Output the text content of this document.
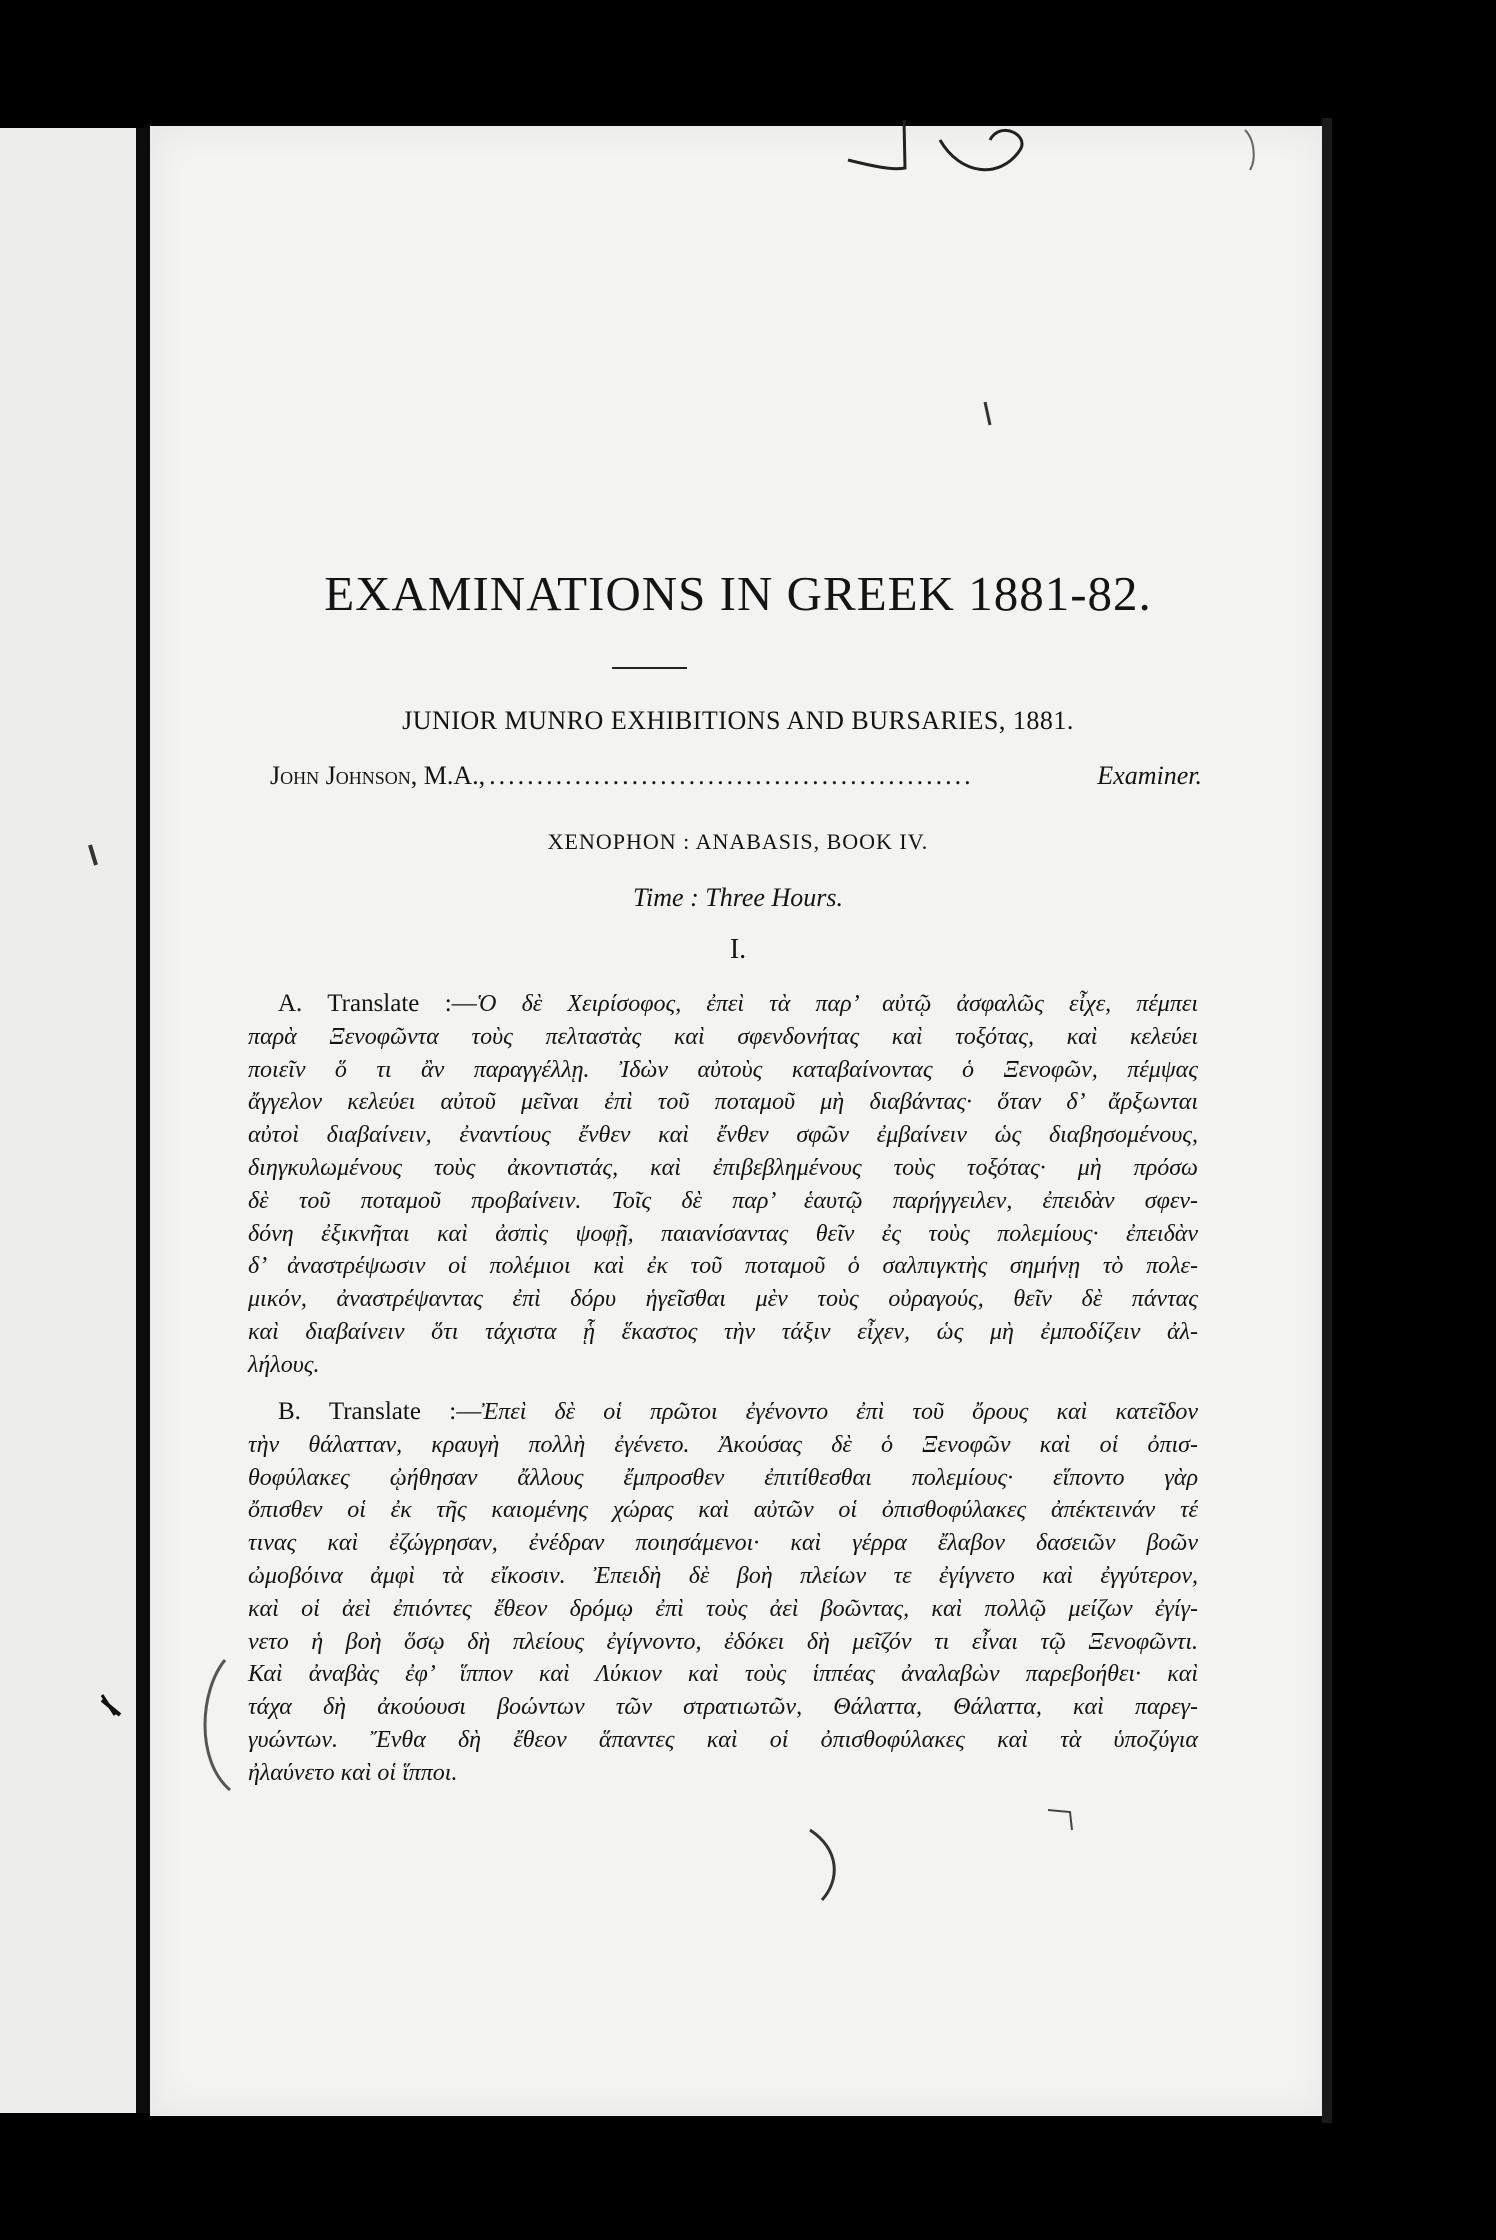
EXAMINATIONS IN GREEK 1881-82.
JUNIOR MUNRO EXHIBITIONS AND BURSARIES, 1881.
John Johnson, M.A., ...................................................	Examiner.
XENOPHON : ANABASIS, BOOK IV.
Time : Three Hours.
I.
A. Translate :—Ὁ δὲ Χειρίσοφος, ἐπεὶ τὰ παρ’ αὐτῷ ἀσφαλῶς εἶχε, πέμπει
παρὰ Ξενοφῶντα τοὺς πελταστὰς καὶ σφενδονήτας καὶ τοξότας, καὶ κελεύει
ποιεῖν ὅ τι ἂν παραγγέλλῃ. Ἰδὼν αὐτοὺς καταβαίνοντας ὁ Ξενοφῶν, πέμψας
ἄγγελον κελεύει αὐτοῦ μεῖναι ἐπὶ τοῦ ποταμοῦ μὴ διαβάντας· ὅταν δ’ ἄρξωνται
αὐτοὶ διαβαίνειν, ἐναντίους ἔνθεν καὶ ἔνθεν σφῶν ἐμβαίνειν ὡς διαβησομένους,
διηγκυλωμένους τοὺς ἀκοντιστάς, καὶ ἐπιβεβλημένους τοὺς τοξότας· μὴ πρόσω
δὲ τοῦ ποταμοῦ προβαίνειν. Τοῖς δὲ παρ’ ἑαυτῷ παρήγγειλεν, ἐπειδὰν σφεν-
δόνη ἐξικνῆται καὶ ἀσπὶς ψοφῇ, παιανίσαντας θεῖν ἐς τοὺς πολεμίους· ἐπειδὰν
δ’ ἀναστρέψωσιν οἱ πολέμιοι καὶ ἐκ τοῦ ποταμοῦ ὁ σαλπιγκτὴς σημήνῃ τὸ πολε-
μικόν, ἀναστρέψαντας ἐπὶ δόρυ ἡγεῖσθαι μὲν τοὺς οὐραγούς, θεῖν δὲ πάντας
καὶ διαβαίνειν ὅτι τάχιστα ᾗ ἕκαστος τὴν τάξιν εἶχεν, ὡς μὴ ἐμποδίζειν ἀλ-
λήλους.
B. Translate :—Ἐπεὶ δὲ οἱ πρῶτοι ἐγένοντο ἐπὶ τοῦ ὄρους καὶ κατεῖδον
τὴν θάλατταν, κραυγὴ πολλὴ ἐγένετο. Ἀκούσας δὲ ὁ Ξενοφῶν καὶ οἱ ὀπισ-
θοφύλακες ᾠήθησαν ἄλλους ἔμπροσθεν ἐπιτίθεσθαι πολεμίους· εἵποντο γὰρ
ὄπισθεν οἱ ἐκ τῆς καιομένης χώρας καὶ αὐτῶν οἱ ὀπισθοφύλακες ἀπέκτεινάν τέ
τινας καὶ ἐζώγρησαν, ἐνέδραν ποιησάμενοι· καὶ γέρρα ἔλαβον δασειῶν βοῶν
ὠμοβόινα ἀμφὶ τὰ εἴκοσιν. Ἐπειδὴ δὲ βοὴ πλείων τε ἐγίγνετο καὶ ἐγγύτερον,
καὶ οἱ ἀεὶ ἐπιόντες ἔθεον δρόμῳ ἐπὶ τοὺς ἀεὶ βοῶντας, καὶ πολλῷ μείζων ἐγίγ-
νετο ἡ βοὴ ὅσῳ δὴ πλείους ἐγίγνοντο, ἐδόκει δὴ μεῖζόν τι εἶναι τῷ Ξενοφῶντι.
Καὶ ἀναβὰς ἐφ’ ἵππον καὶ Λύκιον καὶ τοὺς ἱππέας ἀναλαβὼν παρεβοήθει· καὶ
τάχα δὴ ἀκούουσι βοώντων τῶν στρατιωτῶν, Θάλαττα, Θάλαττα, καὶ παρεγ-
γυώντων. Ἔνθα δὴ ἔθεον ἅπαντες καὶ οἱ ὀπισθοφύλακες καὶ τὰ ὑποζύγια
ἠλαύνετο καὶ οἱ ἵπποι.
